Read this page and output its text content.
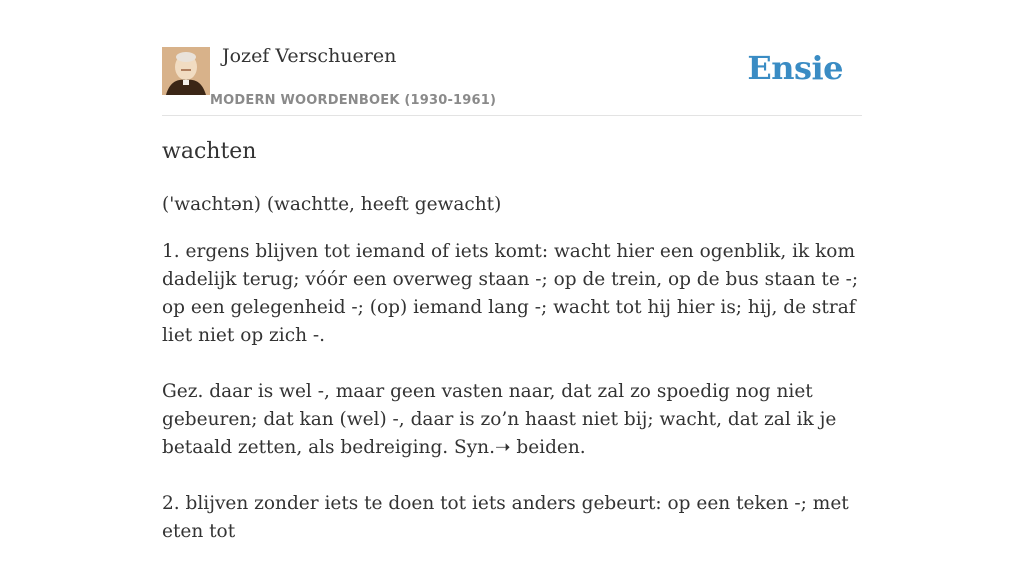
Jozef Verschueren
MODERN WOORDENBOEK (1930-1961)
Ensie
wachten

('wachtən) (wachtte, heeft gewacht)

1. ergens blijven tot iemand of iets komt: wacht hier een ogenblik, ik kom dadelijk terug; vóór een overweg staan -; op de trein, op de bus staan te -; op een gelegenheid -; (op) iemand lang -; wacht tot hij hier is; hij, de straf liet niet op zich -.

Gez. daar is wel -, maar geen vasten naar, dat zal zo spoedig nog niet gebeuren; dat kan (wel) -, daar is zo’n haast niet bij; wacht, dat zal ik je betaald zetten, als bedreiging. Syn.➝ beiden.

2. blijven zonder iets te doen tot iets anders gebeurt: op een teken -; met eten tot
